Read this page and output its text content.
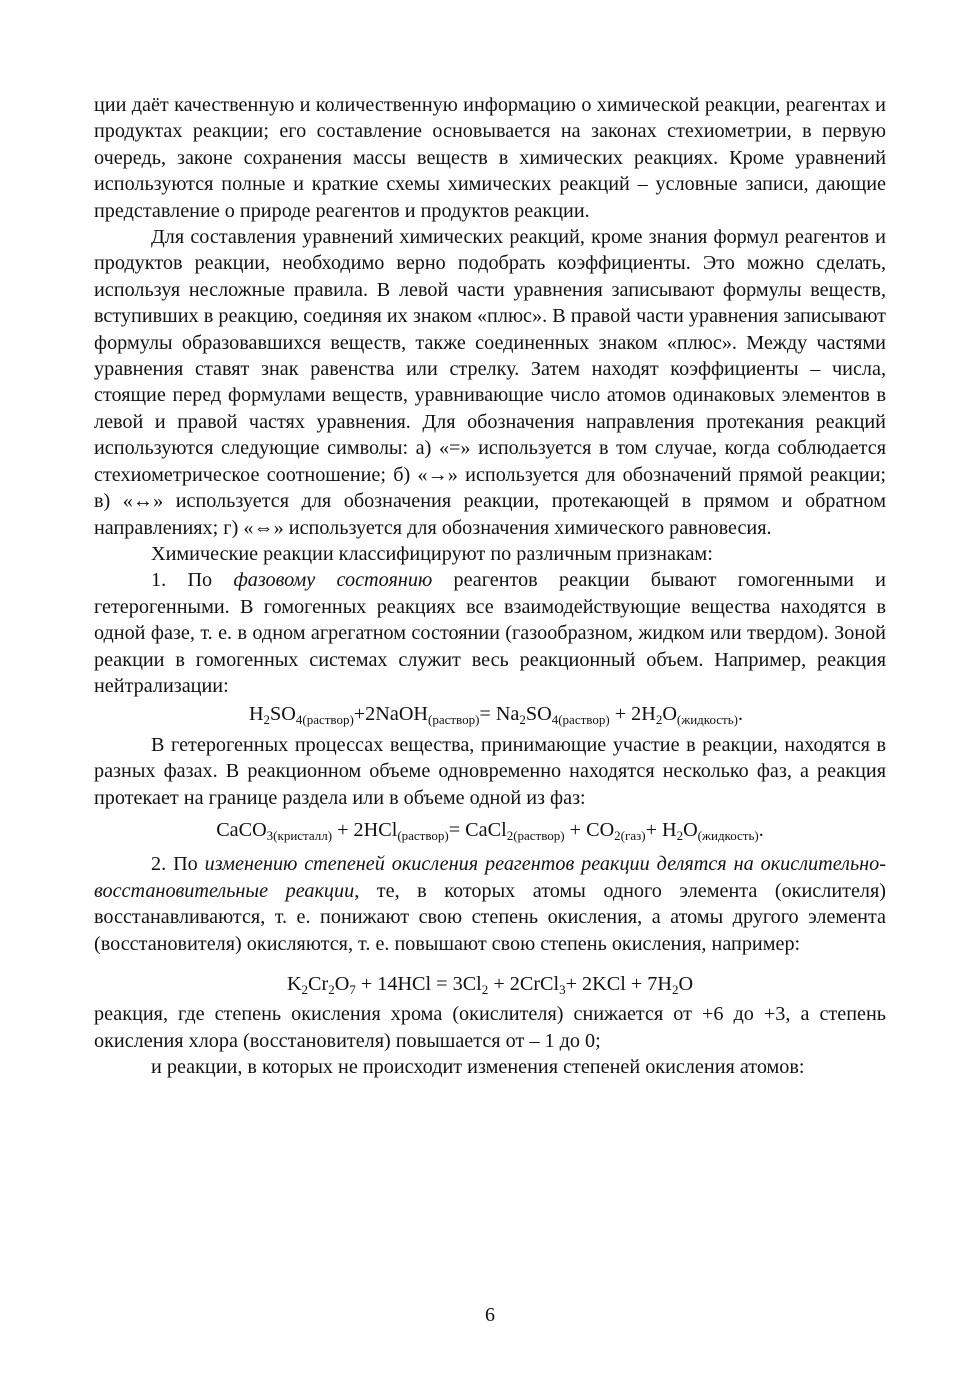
ции даёт качественную и количественную информацию о химической реакции, реагентах и продуктах реакции; его составление основывается на законах стехиометрии, в первую очередь, законе сохранения массы веществ в химических реакциях. Кроме уравнений используются полные и краткие схемы химических реакций – условные записи, дающие представление о природе реагентов и продуктов реакции.

Для составления уравнений химических реакций, кроме знания формул реагентов и продуктов реакции, необходимо верно подобрать коэффициенты. Это можно сделать, используя несложные правила. В левой части уравнения записывают формулы веществ, вступивших в реакцию, соединяя их знаком «плюс». В правой части уравнения записывают формулы образовавшихся веществ, также соединенных знаком «плюс». Между частями уравнения ставят знак равенства или стрелку. Затем находят коэффициенты – числа, стоящие перед формулами веществ, уравнивающие число атомов одинаковых элементов в левой и правой частях уравнения. Для обозначения направления протекания реакций используются следующие символы: а) «=» используется в том случае, когда соблюдается стехиометрическое соотношение; б) «→» используется для обозначений прямой реакции; в) «↔» используется для обозначения реакции, протекающей в прямом и обратном направлениях; г) «⇔» используется для обозначения химического равновесия.

Химические реакции классифицируют по различным признакам:

1. По фазовому состоянию реагентов реакции бывают гомогенными и гетерогенными. В гомогенных реакциях все взаимодействующие вещества находятся в одной фазе, т. е. в одном агрегатном состоянии (газообразном, жидком или твердом). Зоной реакции в гомогенных системах служит весь реакционный объем. Например, реакция нейтрализации:

$H_2SO_{4(раствор)}+2NaOH_{(раствор)}= Na_2SO_{4(раствор)} + 2H_2O_{(жидкость)}$.

В гетерогенных процессах вещества, принимающие участие в реакции, находятся в разных фазах. В реакционном объеме одновременно находятся несколько фаз, а реакция протекает на границе раздела или в объеме одной из фаз:

CaCO$_{3(кристалл)}$ + 2HCl$_{(раствор)}$= CaCl$_{2(раствор)}$ + $CO_{2(газ)}+ H_2O_{(жидкость)}$.

2. По изменению степеней окисления реагентов реакции делятся на окислительно-восстановительные реакции, те, в которых атомы одного элемента (окислителя) восстанавливаются, т. е. понижают свою степень окисления, а атомы другого элемента (восстановителя) окисляются, т. е. повышают свою степень окисления, например:

$K_2Cr_2O_7 + 14HCl = 3Cl_2$ + 2CrCl$_3$+ $2KCl + 7H_2O$

реакция, где степень окисления хрома (окислителя) снижается от +6 до +3, а степень окисления хлора (восстановителя) повышается от – 1 до 0;

и реакции, в которых не происходит изменения степеней окисления атомов:

6
